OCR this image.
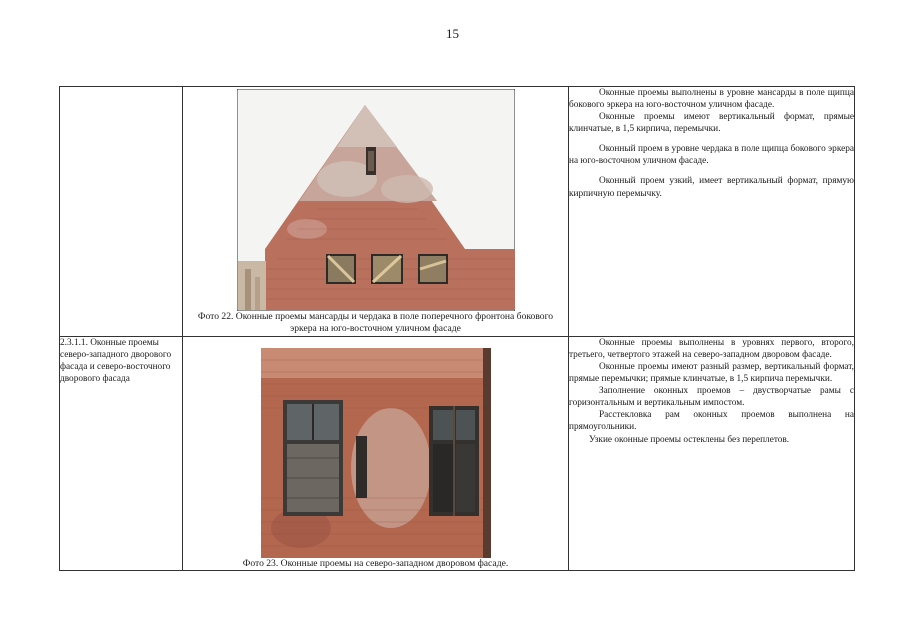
15

	Фото 22. Оконные проемы мансарды и чердака в поле поперечного фронтона бокового эркера на юго-восточном уличном фасаде	Оконные проемы выполнены в уровне мансарды в поле щипца бокового эркера на юго-восточном уличном фасаде.

Оконные проемы имеют вертикальный формат, прямые клинчатые, в 1,5 кирпича, перемычки.

Оконный проем в уровне чердака в поле щипца бокового эркера на юго-восточном уличном фасаде.

Оконный проем узкий, имеет вертикальный формат, прямую кирпичную перемычку.

2.3.1.1. Оконные проемы северо-западного дворового фасада и северо-восточного дворового фасада	Фото 23. Оконные проемы на северо-западном дворовом фасаде.	Оконные проемы выполнены в уровнях первого, второго, третьего, четвертого этажей на северо-западном дворовом фасаде.

Оконные проемы имеют разный размер, вертикальный формат, прямые перемычки; прямые клинчатые, в 1,5 кирпича перемычки.

Заполнение оконных проемов – двустворчатые рамы с горизонтальным и вертикальным импостом.

Расстекловка рам оконных проемов выполнена на прямоугольники.

Узкие оконные проемы остеклены без переплетов.
